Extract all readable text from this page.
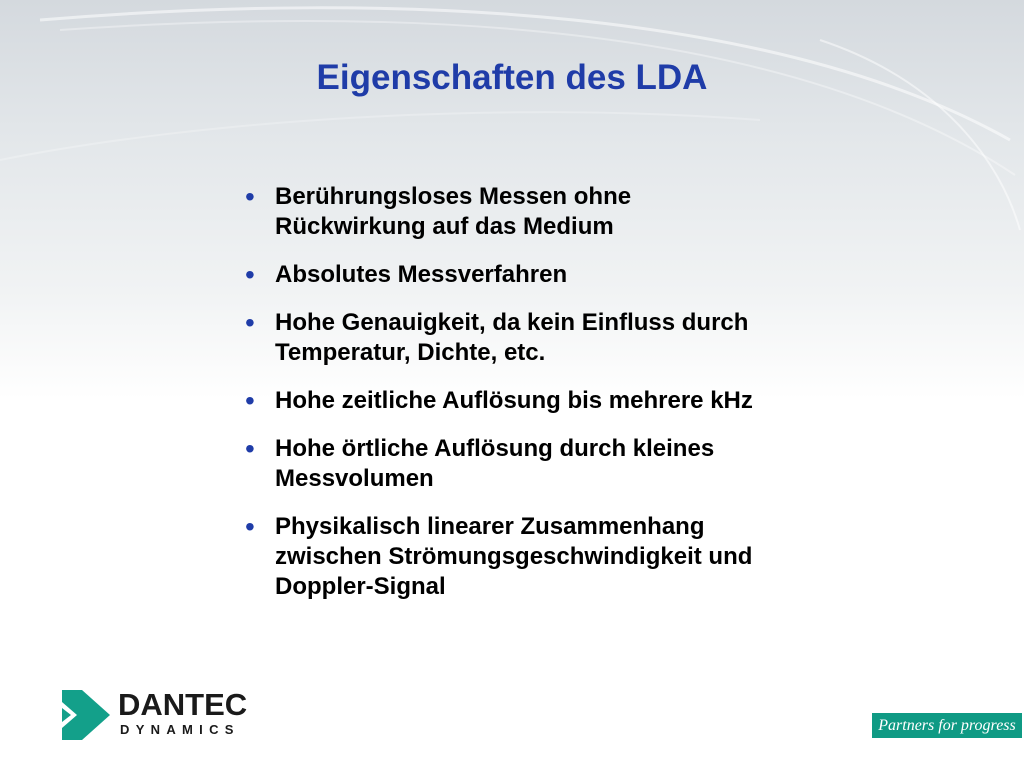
Eigenschaften des LDA
• Berührungsloses Messen ohne
Rückwirkung auf das Medium
• Absolutes Messverfahren
• Hohe Genauigkeit, da kein Einfluss durch
Temperatur, Dichte, etc.
• Hohe zeitliche Auflösung bis mehrere kHz
• Hohe örtliche Auflösung durch kleines
Messvolumen
• Physikalisch linearer Zusammenhang
zwischen Strömungsgeschwindigkeit und
Doppler-Signal
DANTEC
DYNAMICS	Partners for progress
